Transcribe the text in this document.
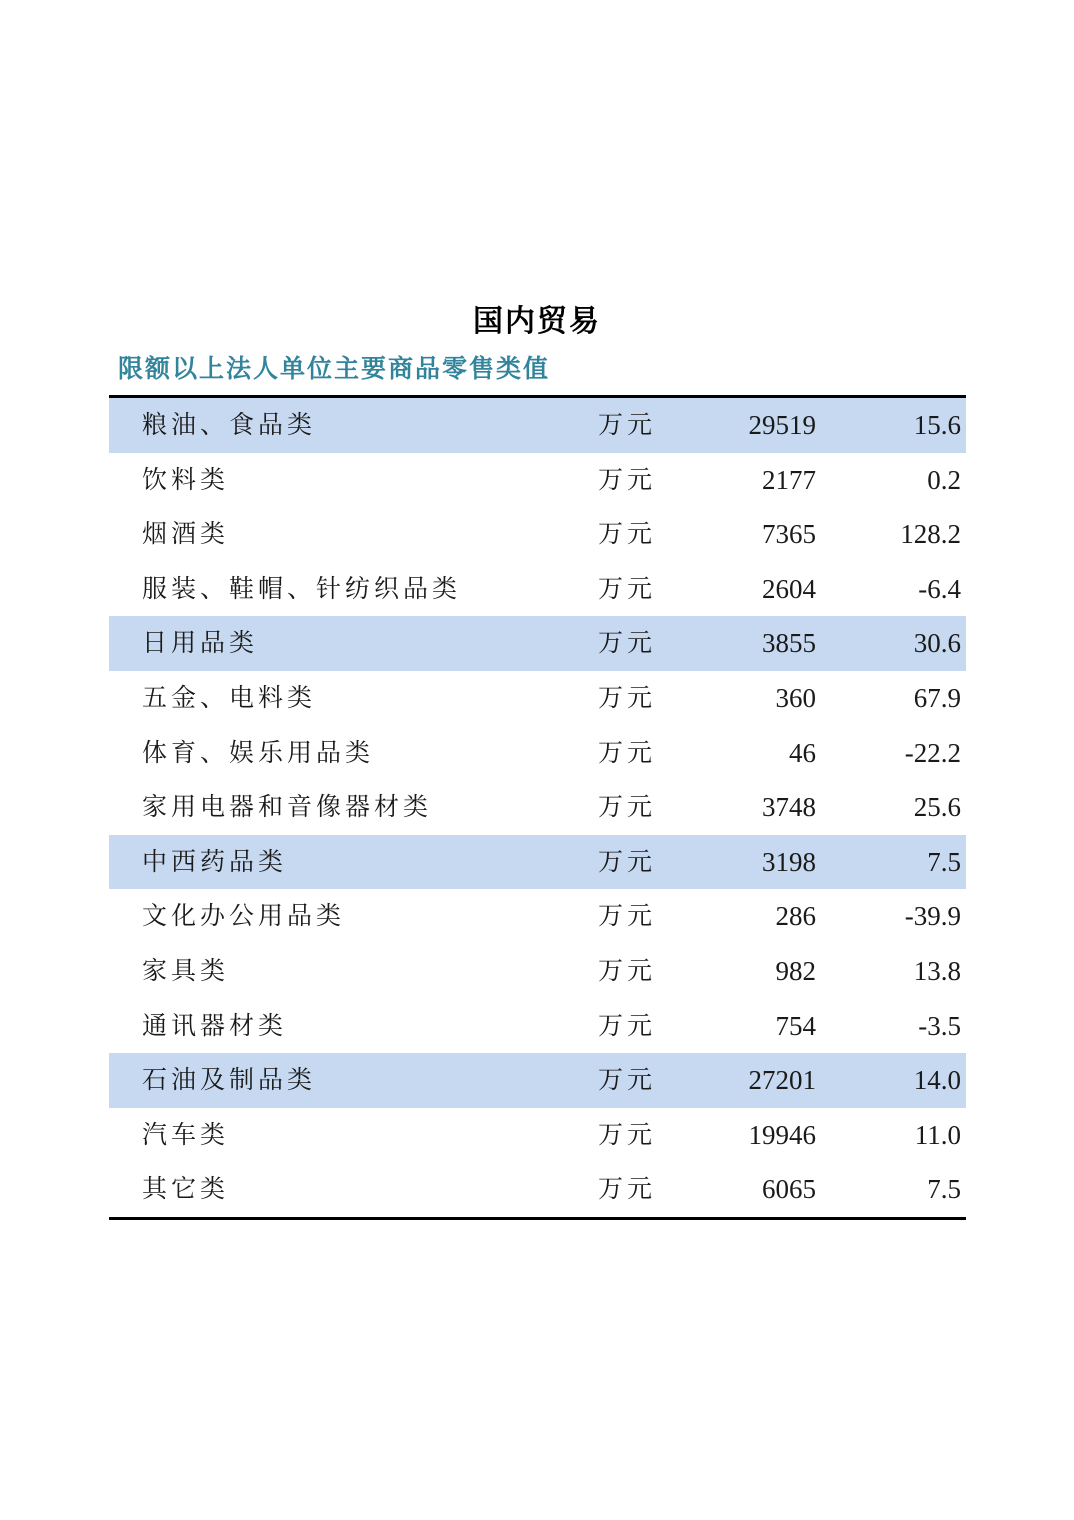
国内贸易
限额以上法人单位主要商品零售类值
粮油、食品类	万元	29519	15.6
饮料类	万元	2177	0.2
烟酒类	万元	7365	128.2
服装、鞋帽、针纺织品类	万元	2604	-6.4
日用品类	万元	3855	30.6
五金、电料类	万元	360	67.9
体育、娱乐用品类	万元	46	-22.2
家用电器和音像器材类	万元	3748	25.6
中西药品类	万元	3198	7.5
文化办公用品类	万元	286	-39.9
家具类	万元	982	13.8
通讯器材类	万元	754	-3.5
石油及制品类	万元	27201	14.0
汽车类	万元	19946	11.0
其它类	万元	6065	7.5
